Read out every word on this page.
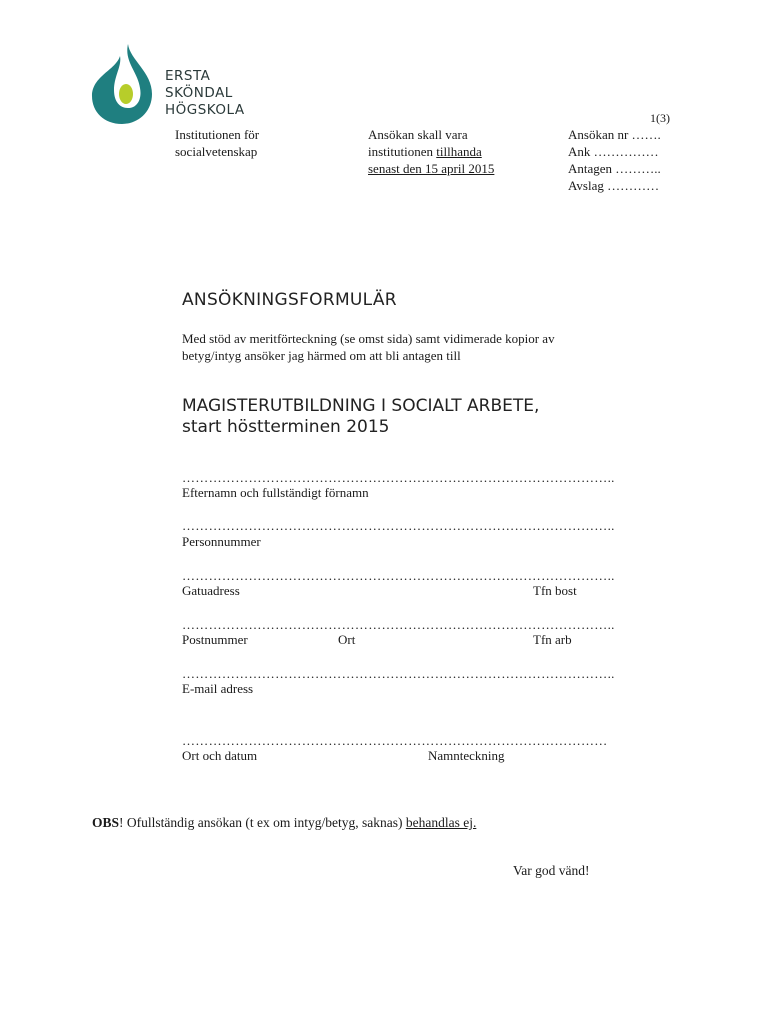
ERSTA
SKÖNDAL
HÖGSKOLA	1(3)
Institutionen för
socialvetenskap
Ansökan skall vara
institutionen tillhanda
senast den 15 april 2015
Ansökan nr …….
Ank ……………
Antagen ………..
Avslag …………
ANSÖKNINGSFORMULÄR
Med stöd av meritförteckning (se omst sida) samt vidimerade kopior av
betyg/intyg ansöker jag härmed om att bli antagen till
MAGISTERUTBILDNING I SOCIALT ARBETE,
start höstterminen 2015
……………………………………………………………………………………..
Efternamn och fullständigt förnamn
……………………………………………………………………………………..
Personnummer
……………………………………………………………………………………..
Gatuadress	Tfn bost
……………………………………………………………………………………..
Postnummer	Ort	Tfn arb
……………………………………………………………………………………..
E-mail adress
……………………………………………………………………………………
Ort och datum	Namnteckning
OBS! Ofullständig ansökan (t ex om intyg/betyg, saknas) behandlas ej.
Var god vänd!
